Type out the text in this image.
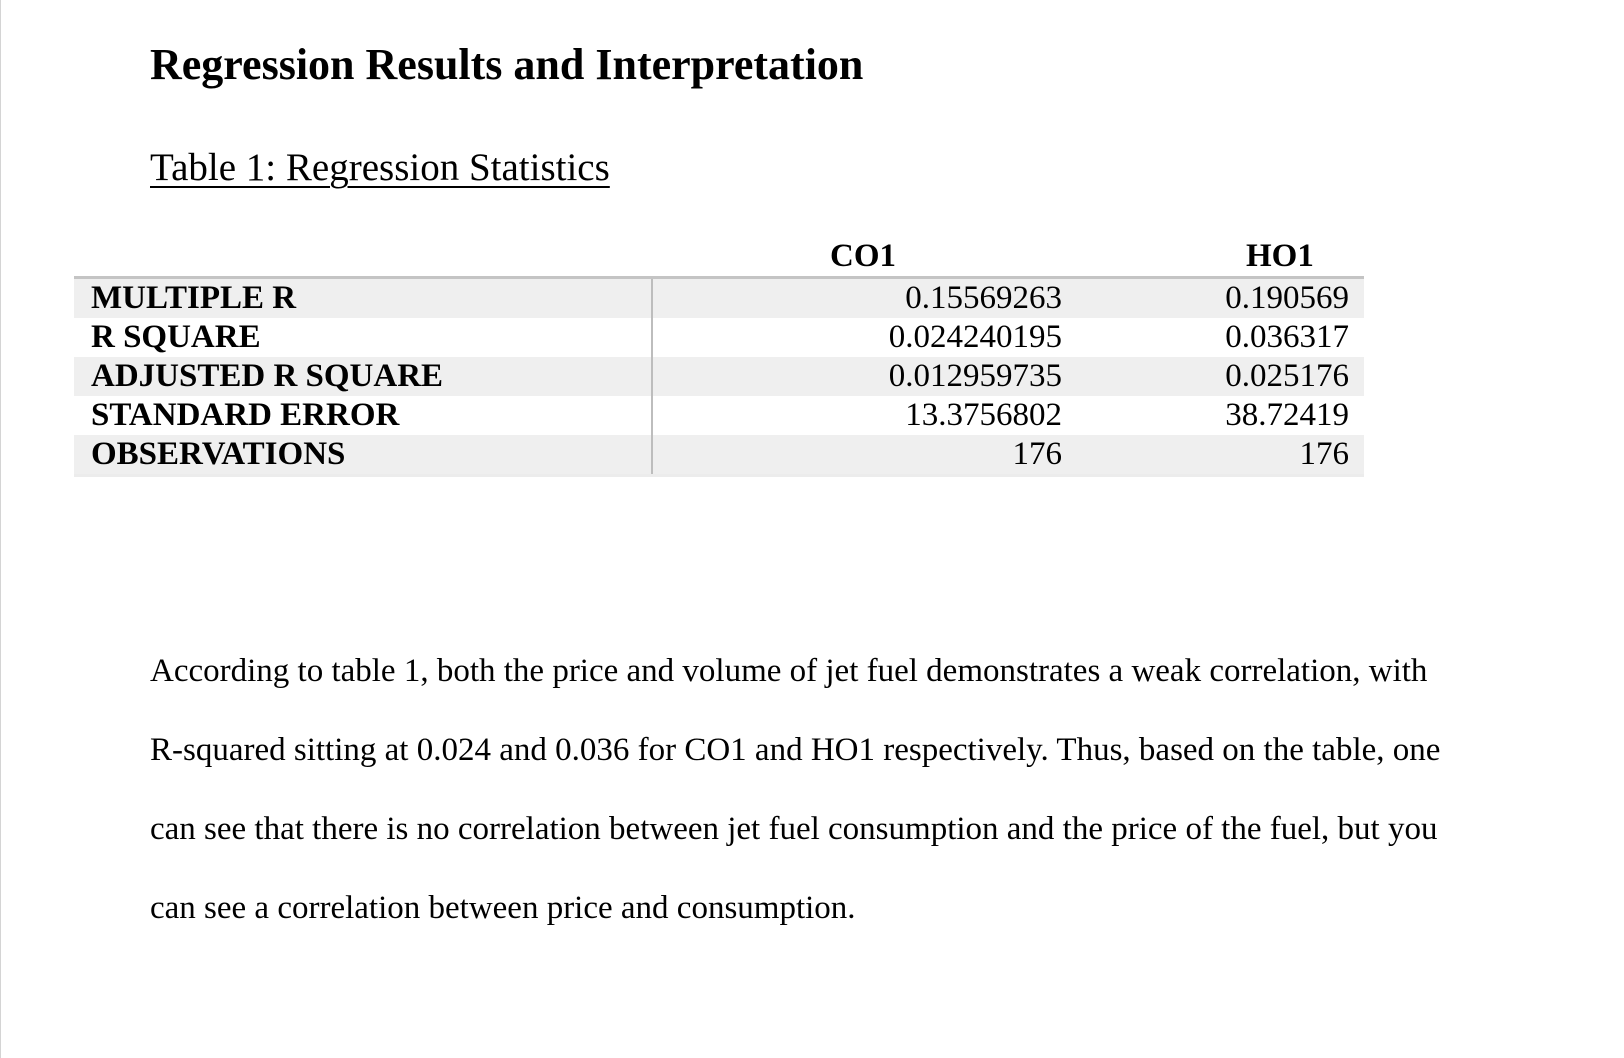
Regression Results and Interpretation
Table 1: Regression Statistics
	CO1	HO1
MULTIPLE R	0.15569263	0.190569
R SQUARE	0.024240195	0.036317
ADJUSTED R SQUARE	0.012959735	0.025176
STANDARD ERROR	13.3756802	38.72419
OBSERVATIONS	176	176

According to table 1, both the price and volume of jet fuel demonstrates a weak correlation, with R-squared sitting at 0.024 and 0.036 for CO1 and HO1 respectively. Thus, based on the table, one can see that there is no correlation between jet fuel consumption and the price of the fuel, but you can see a correlation between price and consumption.
